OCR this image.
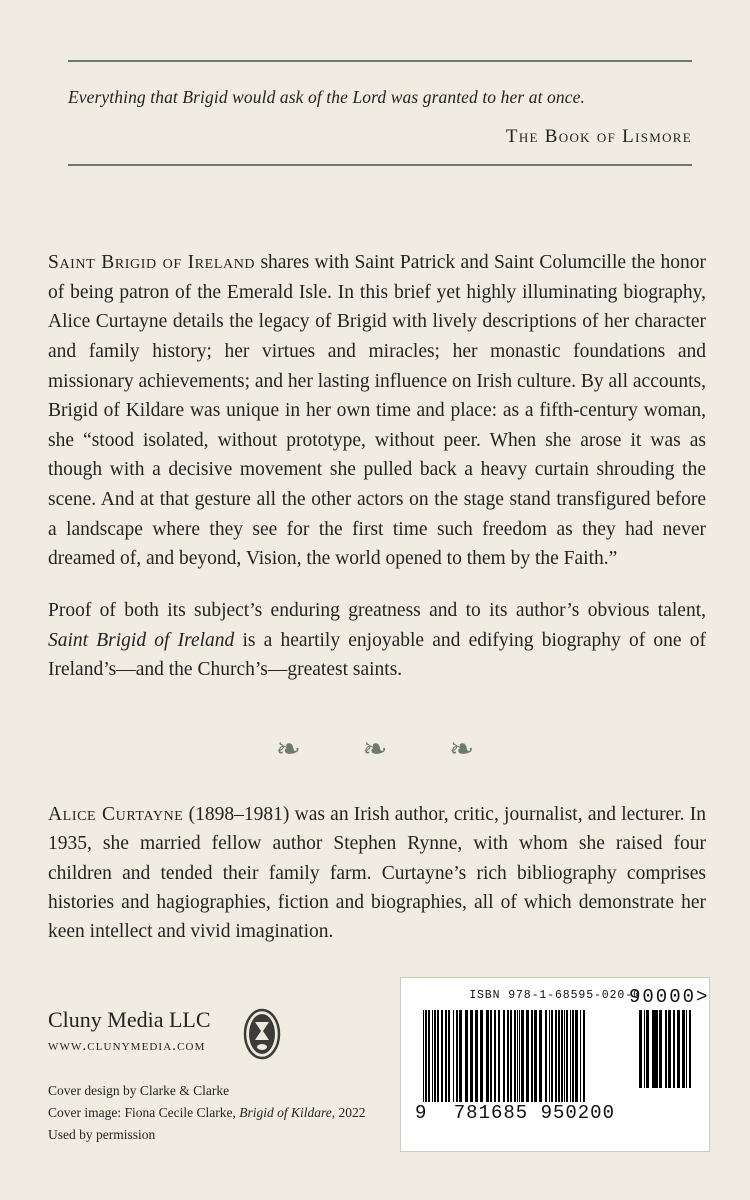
Everything that Brigid would ask of the Lord was granted to her at once.

The Book of Lismore

Saint Brigid of Ireland shares with Saint Patrick and Saint Columcille the honor of being patron of the Emerald Isle. In this brief yet highly illuminating biography, Alice Curtayne details the legacy of Brigid with lively descriptions of her character and family history; her virtues and miracles; her monastic foundations and missionary achievements; and her lasting influence on Irish culture. By all accounts, Brigid of Kildare was unique in her own time and place: as a fifth-century woman, she “stood isolated, without prototype, without peer. When she arose it was as though with a decisive movement she pulled back a heavy curtain shrouding the scene. And at that gesture all the other actors on the stage stand transfigured before a landscape where they see for the first time such freedom as they had never dreamed of, and beyond, Vision, the world opened to them by the Faith.”

Proof of both its subject’s enduring greatness and to its author’s obvious talent, Saint Brigid of Ireland is a heartily enjoyable and edifying biography of one of Ireland’s—and the Church’s—greatest saints.

❧ ❧ ❧

Alice Curtayne (1898–1981) was an Irish author, critic, journalist, and lecturer. In 1935, she married fellow author Stephen Rynne, with whom she raised four children and tended their family farm. Curtayne’s rich bibliography comprises histories and hagiographies, fiction and biographies, all of which demonstrate her keen intellect and vivid imagination.

Cluny Media LLC
www.clunymedia.com
Cover design by Clarke & Clarke
Cover image: Fiona Cecile Clarke, Brigid of Kildare, 2022
Used by permission
ISBN 978-1-68595-020-0
90000>
9 781685 950200
